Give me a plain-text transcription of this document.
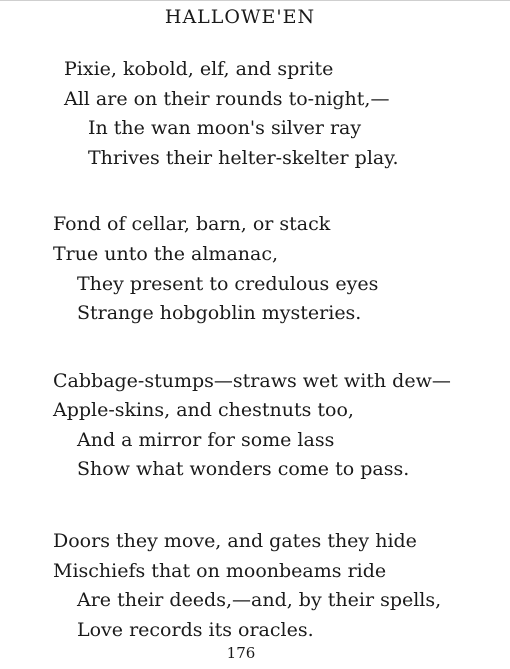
HALLOWE'EN
Pixie, kobold, elf, and sprite
All are on their rounds to-night,—
In the wan moon's silver ray
Thrives their helter-skelter play.
Fond of cellar, barn, or stack
True unto the almanac,
They present to credulous eyes
Strange hobgoblin mysteries.
Cabbage-stumps—straws wet with dew—
Apple-skins, and chestnuts too,
And a mirror for some lass
Show what wonders come to pass.
Doors they move, and gates they hide
Mischiefs that on moonbeams ride
Are their deeds,—and, by their spells,
Love records its oracles.
176
